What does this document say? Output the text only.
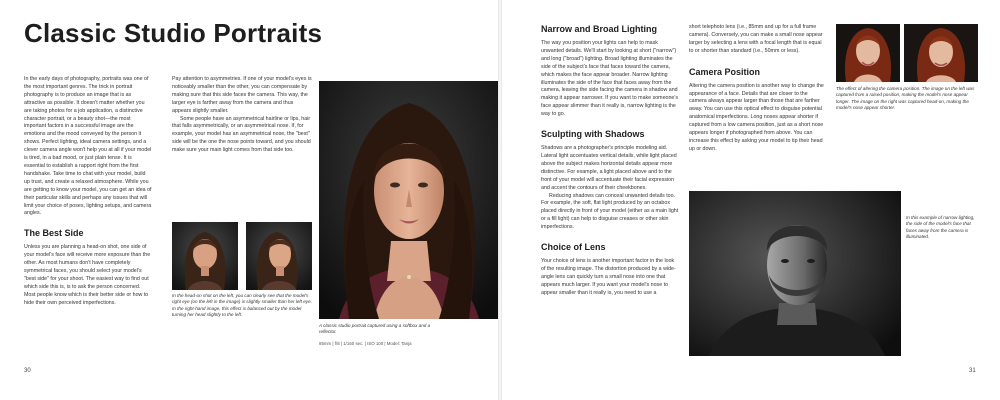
Classic Studio Portraits

In the early days of photography, portraits was one of the most important genres. The trick in portrait photography is to produce an image that is as attractive as possible. It doesn't matter whether you are taking photos for a job application, a distinctive character portrait, or a beauty shot—the most important factors in a successful image are the emotions and the mood conveyed by the person it shows. Perfect lighting, ideal camera settings, and a clever camera angle won't help you at all if your model is tired, in a bad mood, or just plain tense. It is essential to establish a rapport right from the first handshake. Take time to chat with your model, build up trust, and create a relaxed atmosphere. While you are getting to know your model, you can get an idea of their particular skills and perhaps any issues that will limit your choice of poses, lighting setups, and camera angles.

The Best Side

Unless you are planning a head-on shot, one side of your model's face will receive more exposure than the other. As most humans don't have completely symmetrical faces, you should select your model's "best side" for your shoot. The easiest way to find out which side this is, is to ask the person concerned. Most people know which is their better side or how to hide their own perceived imperfections.

Pay attention to asymmetries. If one of your model's eyes is noticeably smaller than the other, you can compensate by making sure that this side faces the camera. This way, the larger eye is farther away from the camera and thus appears slightly smaller.

Some people have an asymmetrical hairline or lips, hair that falls asymmetrically, or an asymmetrical nose. If, for example, your model has an asymmetrical nose, the "best" side will be the one the nose points toward, and you should make sure your main light comes from that side too.

In the head-on shot on the left, you can clearly see that the model's right eye (on the left in the image) is slightly smaller than her left eye. In the right-hand image, this effect is balanced out by the model turning her head slightly to the left.
A classic studio portrait captured using a softbox and a reflector.
85mm | f/8 | 1/160 sec. | ISO 100 | Model: Tanja
30
Narrow and Broad Lighting

The way you position your lights can help to mask unwanted details. We'll start by looking at short ("narrow") and long ("broad") lighting. Broad lighting illuminates the side of the subject's face that faces toward the camera, which makes the face appear broader. Narrow lighting illuminates the side of the face that faces away from the camera, leaving the side facing the camera in shadow and making it appear narrower. If you want to make someone's face appear slimmer than it really is, narrow lighting is the way to go.

Sculpting with Shadows

Shadows are a photographer's principle modeling aid. Lateral light accentuates vertical details, while light placed above the subject makes horizontal details appear more distinctive. For example, a light placed above and to the front of your model will accentuate their facial expression and accent the contours of their cheekbones.

Reducing shadows can conceal unwanted details too. For example, the soft, flat light produced by an octabox placed directly in front of your model (either as a main light or a fill light) can help to disguise creases or other skin imperfections.

Choice of Lens

Your choice of lens is another important factor in the look of the resulting image. The distortion produced by a wide-angle lens can quickly turn a small nose into one that appears much larger. If you want your model's nose to appear smaller than it really is, you need to use a

short telephoto lens (i.e., 85mm and up for a full frame camera). Conversely, you can make a small nose appear larger by selecting a lens with a focal length that is equal to or shorter than standard (i.e., 50mm or less).

Camera Position

Altering the camera position is another way to change the appearance of a face. Details that are closer to the camera always appear larger than those that are farther away. You can use this optical effect to disguise potential anatomical imperfections. Long noses appear shorter if captured from a low camera position, just as a short nose appears longer if photographed from above. You can increase this effect by asking your model to tip their head up or down.

The effect of altering the camera position. The image on the left was captured from a raised position, making the model's nose appear longer. The image on the right was captured head-on, making the model's nose appear shorter.
In this example of narrow lighting, the side of the model's face that faces away from the camera is illuminated.
31
